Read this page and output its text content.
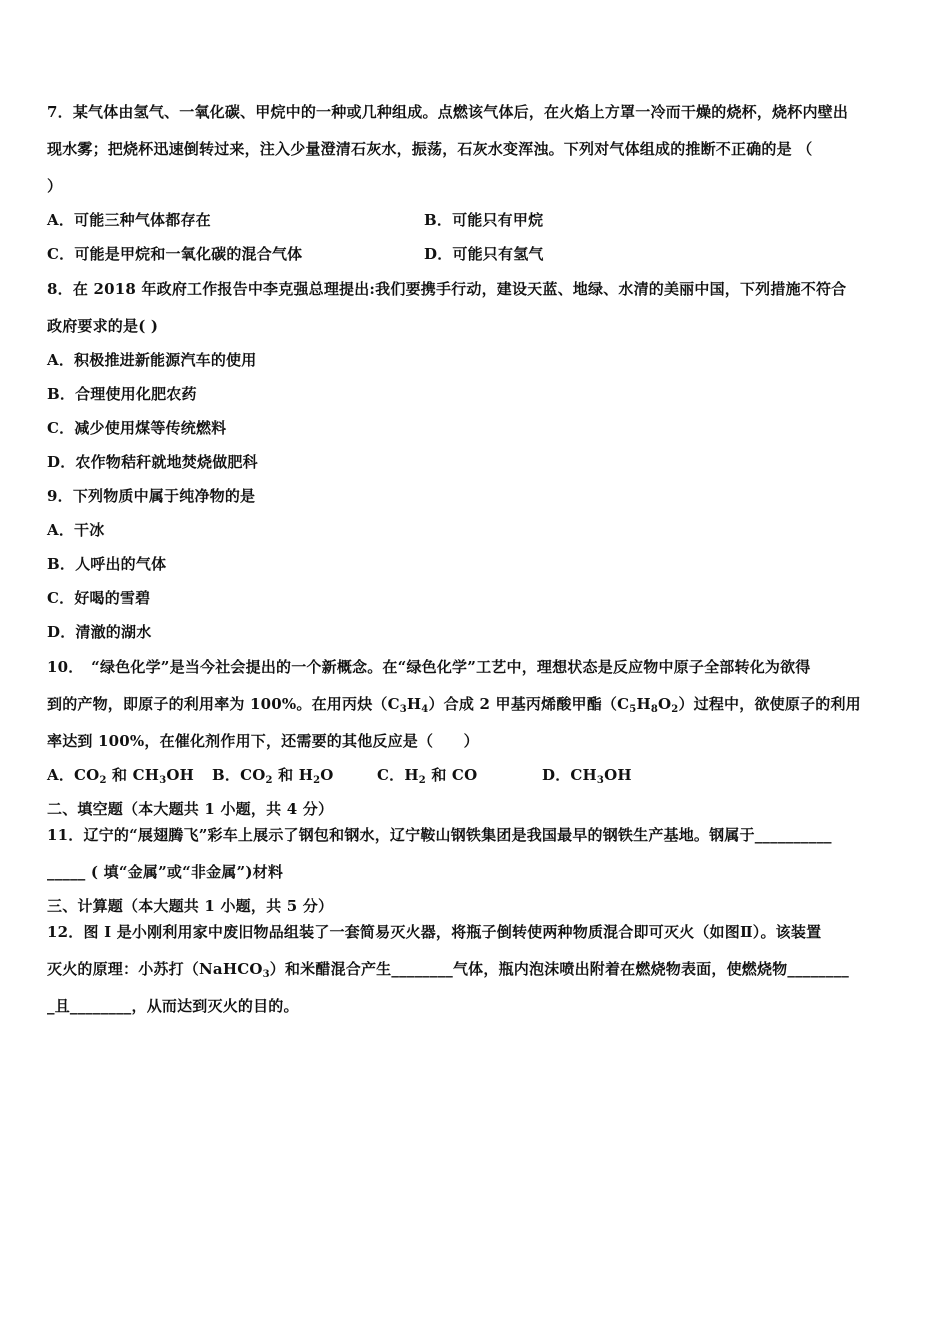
7．某气体由氢气、一氧化碳、甲烷中的一种或几种组成。点燃该气体后，在火焰上方罩一冷而干燥的烧杯，烧杯内壁出
现水雾；把烧杯迅速倒转过来，注入少量澄清石灰水，振荡，石灰水变浑浊。下列对气体组成的推断不正确的是 （
）
A．可能三种气体都存在	B．可能只有甲烷
C．可能是甲烷和一氧化碳的混合气体	D．可能只有氢气
8．在 2018 年政府工作报告中李克强总理提出:我们要携手行动，建设天蓝、地绿、水清的美丽中国，下列措施不符合
政府要求的是( )
A．积极推进新能源汽车的使用
B．合理使用化肥农药
C．减少使用煤等传统燃料
D．农作物秸秆就地焚烧做肥科
9．下列物质中属于纯净物的是
A．干冰
B．人呼出的气体
C．好喝的雪碧
D．清澈的湖水
10．　“绿色化学”是当今社会提出的一个新概念。在“绿色化学”工艺中，理想状态是反应物中原子全部转化为欲得
到的产物，即原子的利用率为 100%。在用丙炔$(C_3H_4)$合成 2 甲基丙烯酸甲酯$(C_5H_8O_2)$过程中，欲使原子的利用
率达到 100%，在催化剂作用下，还需要的其他反应是（　　）
A．$CO_2$ 和 $CH_3OH$ B．$CO_2$ 和 $H_2O$	C．$H_2$ 和 CO	D．$CH_3OH$
二、填空题（本大题共 1 小题，共 4 分）
11．辽宁的“展翅腾飞”彩车上展示了钢包和钢水，辽宁鞍山钢铁集团是我国最早的钢铁生产基地。钢属于__________
_____ ( 填“金属”或“非金属”)材料
三、计算题（本大题共 1 小题，共 5 分）
12．图 I 是小刚利用家中废旧物品组装了一套简易灭火器，将瓶子倒转使两种物质混合即可灭火（如图Ⅱ）。该装置
灭火的原理：小苏打（NaHCO$_3$）和米醋混合产生________气体，瓶内泡沫喷出附着在燃烧物表面，使燃烧物________
_且________，从而达到灭火的目的。
